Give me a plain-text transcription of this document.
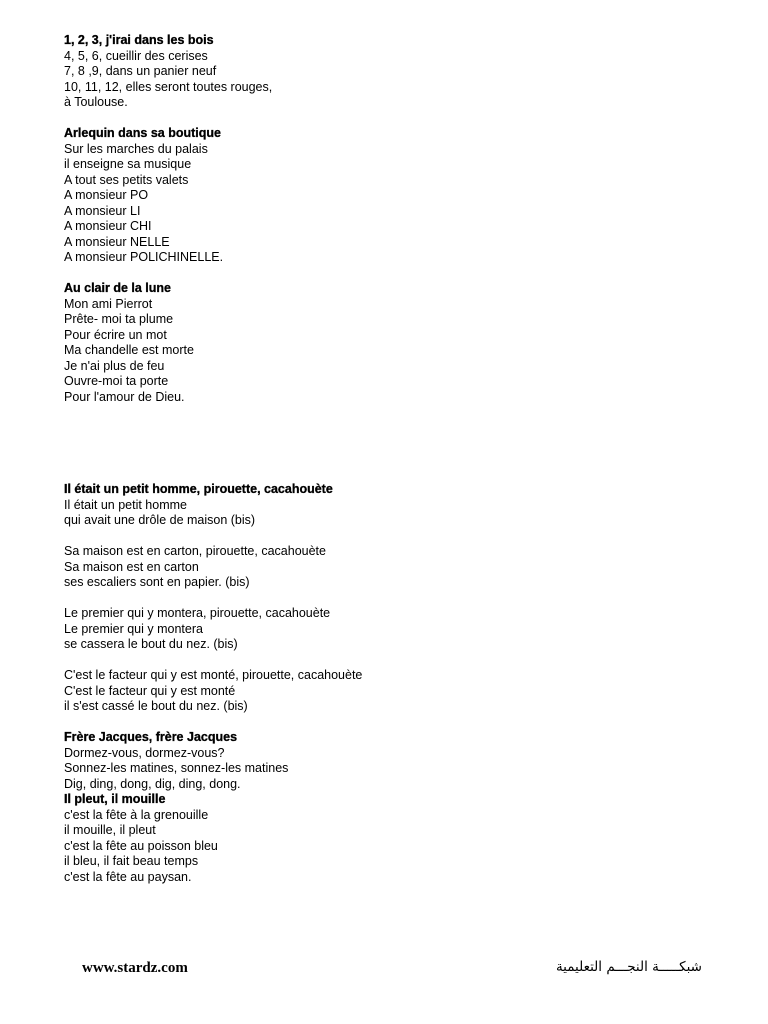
1, 2, 3, j'irai dans les bois
4, 5, 6, cueillir des cerises
7, 8 ,9, dans un panier neuf
10, 11, 12, elles seront toutes rouges,
à Toulouse.
Arlequin dans sa boutique
Sur les marches du palais
il enseigne sa musique
A tout ses petits valets
A monsieur PO
A monsieur LI
A monsieur CHI
A monsieur NELLE
A monsieur POLICHINELLE.
Au clair de la lune
Mon ami Pierrot
Prête- moi ta plume
Pour écrire un mot
Ma chandelle est morte
Je n'ai plus de feu
Ouvre-moi ta porte
Pour l'amour de Dieu.
Il était un petit homme, pirouette, cacahouète
Il était un petit homme
qui avait une drôle de maison (bis)
Sa maison est en carton, pirouette, cacahouète
Sa maison est en carton
ses escaliers sont en papier. (bis)
Le premier qui y montera, pirouette, cacahouète
Le premier qui y montera
se cassera le bout du nez. (bis)
C'est le facteur qui y est monté, pirouette, cacahouète
C'est le facteur qui y est monté
il s'est cassé le bout du nez. (bis)
Frère Jacques, frère Jacques
Dormez-vous, dormez-vous?
Sonnez-les matines, sonnez-les matines
Dig, ding, dong, dig, ding, dong.
Il pleut, il mouille
c'est la fête à la grenouille
il mouille, il pleut
c'est la fête au poisson bleu
il bleu, il fait beau temps
c'est la fête au paysan.
www.stardz.com	شبكـــــة النجـــم التعليمية
